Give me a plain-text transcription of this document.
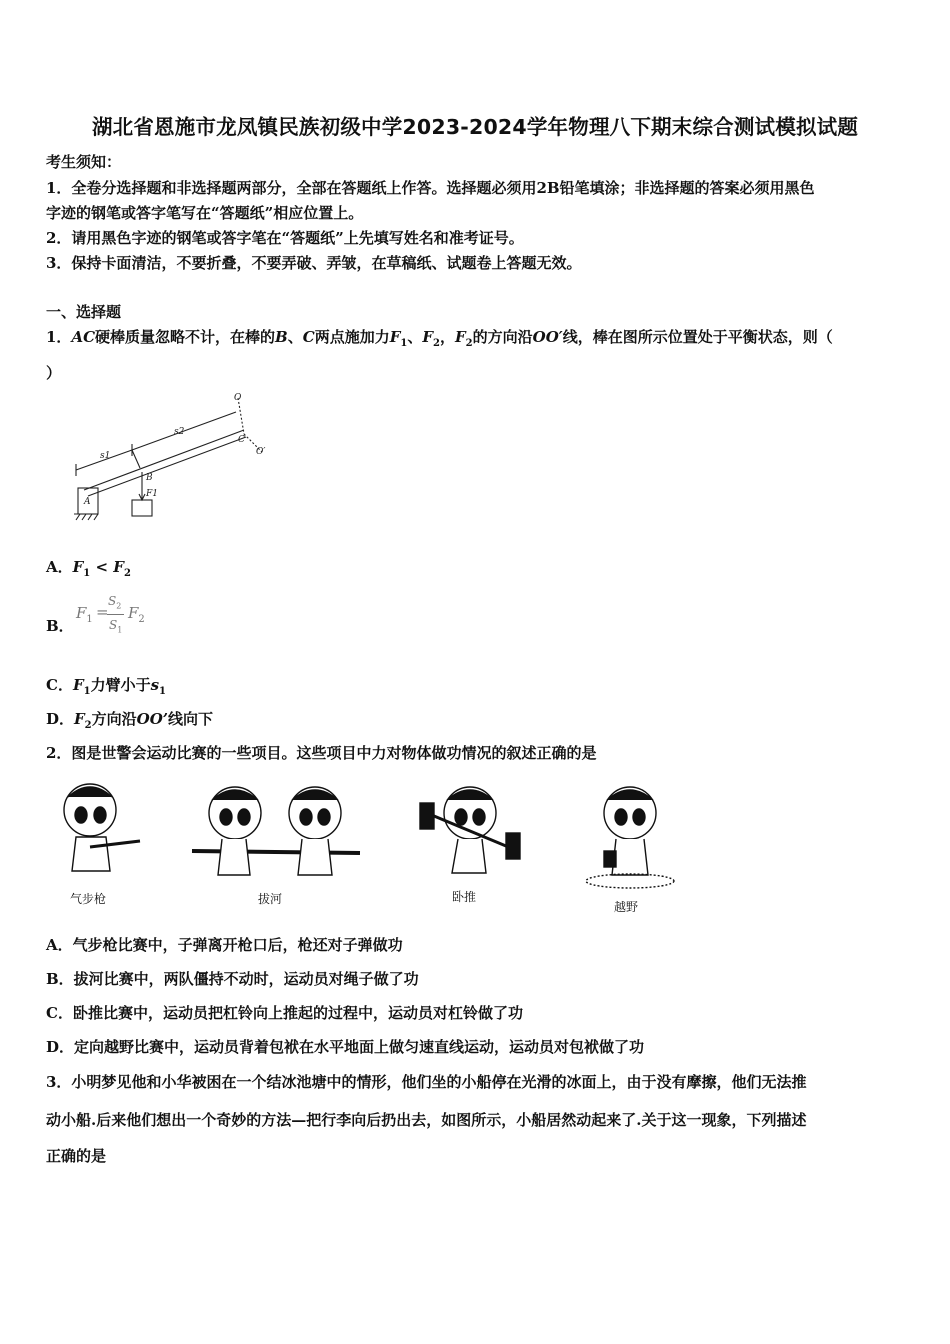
湖北省恩施市龙凤镇民族初级中学2023-2024学年物理八下期末综合测试模拟试题
考生须知：
1．全卷分选择题和非选择题两部分，全部在答题纸上作答。选择题必须用2B铅笔填涂；非选择题的答案必须用黑色
字迹的钢笔或答字笔写在“答题纸”相应位置上。
2．请用黑色字迹的钢笔或答字笔在“答题纸”上先填写姓名和准考证号。
3．保持卡面清洁，不要折叠，不要弄破、弄皱，在草稿纸、试题卷上答题无效。
一、选择题
1．AC硬棒质量忽略不计，在棒的B、C两点施加力$F_1$、$F_2$，$F_2$的方向沿OO′线，棒在图所示位置处于平衡状态，则（
）
O
O′
C
A
B
s1
s2
F1
A．$F_1 < F_2$
B．
$F_1$ =
$S_2$
$S_1$
$F_2$
C．$F_1$力臂小于$s_1$
D．$F_2$方向沿OO’线向下
2．图是世警会运动比赛的一些项目。这些项目中力对物体做功情况的叙述正确的是
气步枪	拔河	卧推
越野
A．气步枪比赛中，子弹离开枪口后，枪还对子弹做功
B．拔河比赛中，两队僵持不动时，运动员对绳子做了功
C．卧推比赛中，运动员把杠铃向上推起的过程中，运动员对杠铃做了功
D．定向越野比赛中，运动员背着包袱在水平地面上做匀速直线运动，运动员对包袱做了功
3．小明梦见他和小华被困在一个结冰池塘中的情形，他们坐的小船停在光滑的冰面上，由于没有摩擦，他们无法推
动小船.后来他们想出一个奇妙的方法—把行李向后扔出去，如图所示，小船居然动起来了.关于这一现象，下列描述
正确的是
